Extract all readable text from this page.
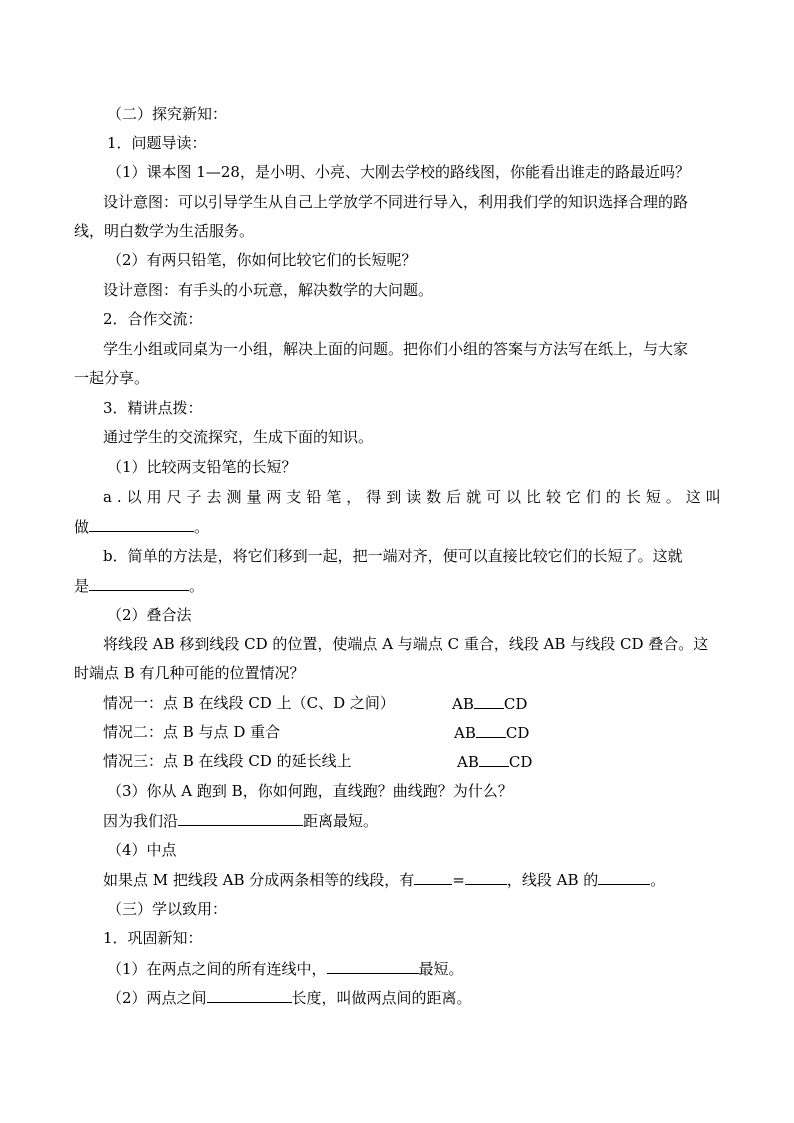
（二）探究新知：
1．问题导读：
（1）课本图 1—28，是小明、小亮、大刚去学校的路线图，你能看出谁走的路最近吗？
设计意图：可以引导学生从自己上学放学不同进行导入，利用我们学的知识选择合理的路
线，明白数学为生活服务。
（2）有两只铅笔，你如何比较它们的长短呢？
设计意图：有手头的小玩意，解决数学的大问题。
2．合作交流：
学生小组或同桌为一小组，解决上面的问题。把你们小组的答案与方法写在纸上，与大家
一起分享。
3．精讲点拨：
通过学生的交流探究，生成下面的知识。
（1）比较两支铅笔的长短？
a . 以 用 尺 子 去 测 量 两 支 铅 笔 ， 得 到 读 数 后 就 可 以 比 较 它 们 的 长 短 。 这 叫
做	。
b．简单的方法是，将它们移到一起，把一端对齐，便可以直接比较它们的长短了。这就
是	。
（2）叠合法
将线段 AB 移到线段 CD 的位置，使端点 A 与端点 C 重合，线段 AB 与线段 CD 叠合。这
时端点 B 有几种可能的位置情况？
情况一：点 B 在线段 CD 上（C、D 之间）	AB CD
情况二：点 B 与点 D 重合	AB CD
情况三：点 B 在线段 CD 的延长线上	AB CD
（3）你从 A 跑到 B，你如何跑，直线跑？曲线跑？为什么？
因为我们沿	距离最短。
（4）中点
如果点 M 把线段 AB 分成两条相等的线段，有	=	，线段 AB 的	。
（三）学以致用：
1．巩固新知：
（1）在两点之间的所有连线中，	最短。
（2）两点之间	长度，叫做两点间的距离。
